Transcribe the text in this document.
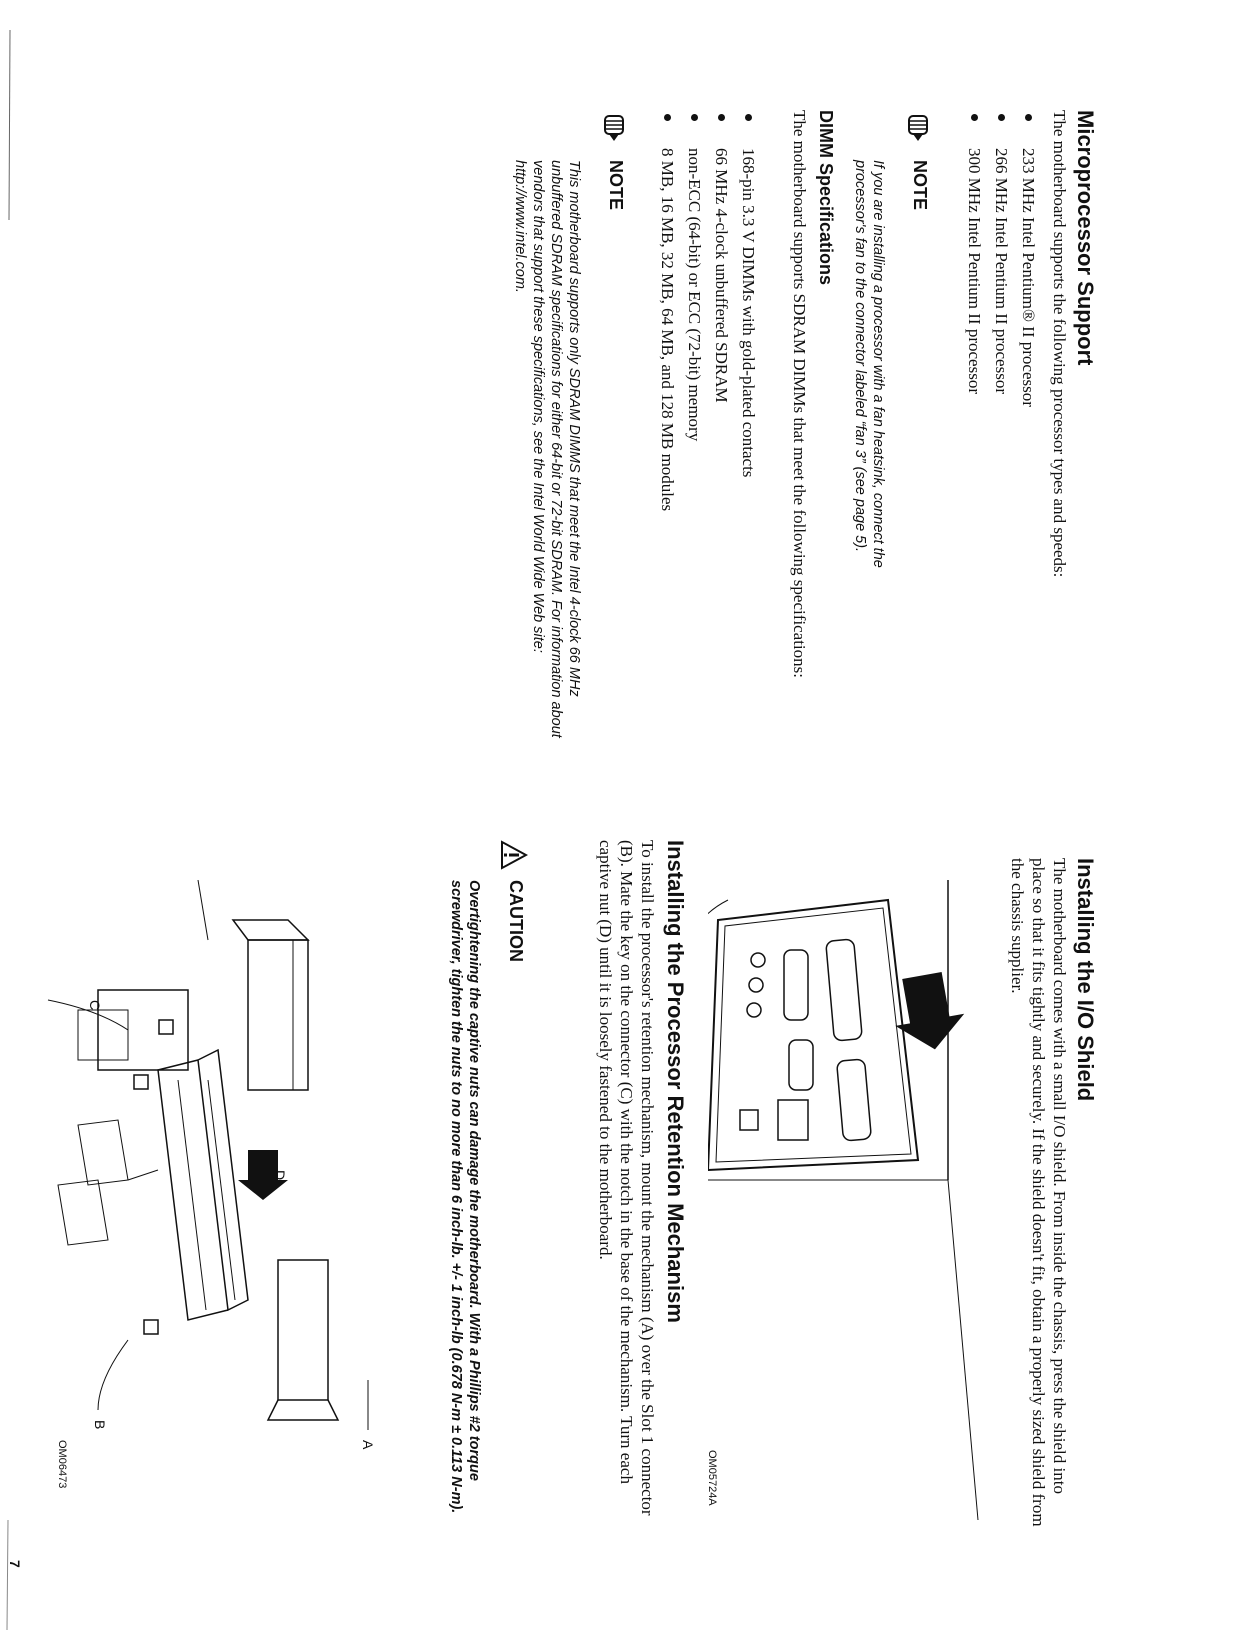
Microprocessor Support

The motherboard supports the following processor types and speeds:

233 MHz Intel Pentium® II processor
266 MHz Intel Pentium II processor
300 MHz Intel Pentium II processor
NOTE

If you are installing a processor with a fan heatsink, connect the processor's fan to the connector labeled “fan 3” (see page 5).

DIMM Specifications

The motherboard supports SDRAM DIMMs that meet the following specifications:

168-pin 3.3 V DIMMs with gold-plated contacts
66 MHz 4-clock unbuffered SDRAM
non-ECC (64-bit) or ECC (72-bit) memory
8 MB, 16 MB, 32 MB, 64 MB, and 128 MB modules
NOTE

This motherboard supports only SDRAM DIMMS that meet the Intel 4-clock 66 MHz unbuffered SDRAM specifications for either 64-bit or 72-bit SDRAM. For information about vendors that support these specifications, see the Intel World Wide Web site: http://www.intel.com.

Installing the I/O Shield

The motherboard comes with a small I/O shield. From inside the chassis, press the shield into place so that it fits tightly and securely. If the shield doesn't fit, obtain a properly sized shield from the chassis supplier.

OM05724A
Installing the Processor Retention Mechanism

To install the processor's retention mechanism, mount the mechanism (A) over the Slot 1 connector (B). Mate the key on the connector (C) with the notch in the base of the mechanism. Turn each captive nut (D) until it is loosely fastened to the motherboard.

CAUTION

Overtightening the captive nuts can damage the motherboard. With a Phillips #2 torque screwdriver, tighten the nuts to no more than 6 inch-lb. +/- 1 inch-lb (0.678 N-m ± 0.113 N-m).

A
B
C
D
OM06473
7
